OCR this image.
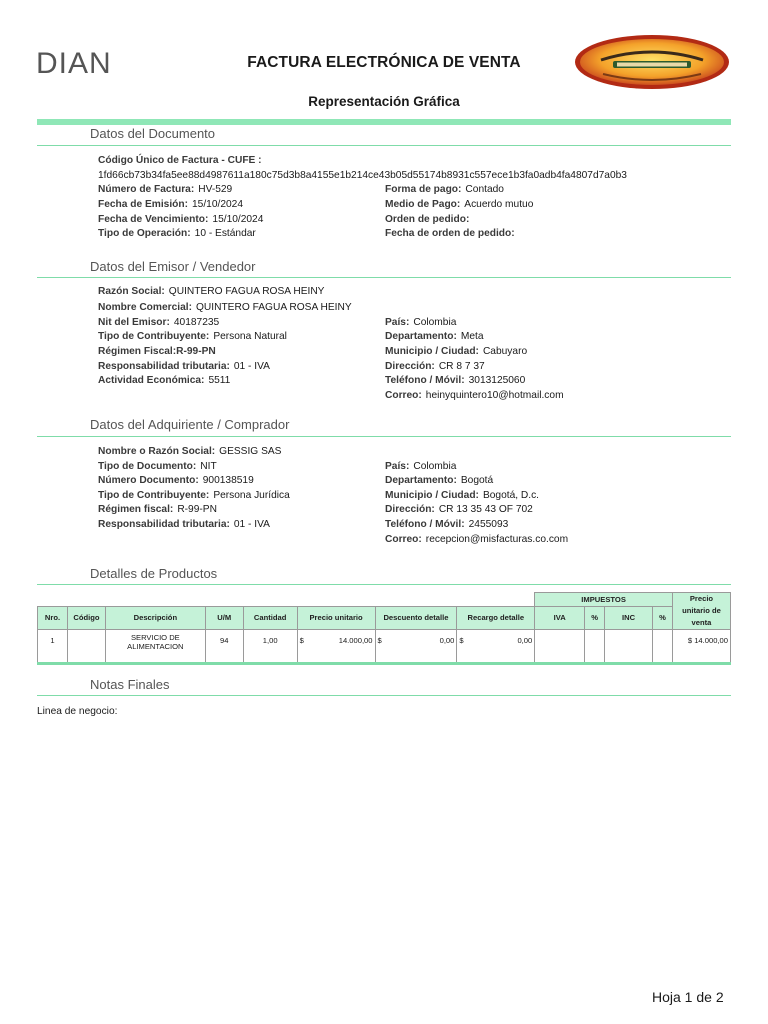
DIAN	FACTURA ELECTRÓNICA DE VENTA
Representación Gráfica
Datos del Documento
Código Único de Factura - CUFE :
1fd66cb73b34fa5ee88d4987611a180c75d3b8a4155e1b214ce43b05d55174b8931c557ece1b3fa0adb4fa4807d7a0b3
Número de Factura: HV-529
Fecha de Emisión: 15/10/2024
Fecha de Vencimiento: 15/10/2024
Tipo de Operación: 10 - Estándar
Forma de pago: Contado
Medio de Pago: Acuerdo mutuo
Orden de pedido:
Fecha de orden de pedido:
Datos del Emisor / Vendedor
Razón Social: QUINTERO FAGUA ROSA HEINY
Nombre Comercial: QUINTERO FAGUA ROSA HEINY
Nit del Emisor: 40187235
Tipo de Contribuyente: Persona Natural
Régimen Fiscal:R-99-PN
Responsabilidad tributaria: 01 - IVA
Actividad Económica: 5511
País: Colombia
Departamento: Meta
Municipio / Ciudad: Cabuyaro
Dirección: CR 8 7 37
Teléfono / Móvil: 3013125060
Correo: heinyquintero10@hotmail.com
Datos del Adquiriente / Comprador
Nombre o Razón Social: GESSIG SAS
Tipo de Documento: NIT
Número Documento: 900138519
Tipo de Contribuyente: Persona Jurídica
Régimen fiscal: R-99-PN
Responsabilidad tributaria: 01 - IVA
País: Colombia
Departamento: Bogotá
Municipio / Ciudad: Bogotá, D.c.
Dirección: CR 13 35 43 OF 702
Teléfono / Móvil: 2455093
Correo: recepcion@misfacturas.co.com
Detalles de Productos
								IMPUESTOS				Precio unitario de venta
Nro.	Código	Descripción	U/M	Cantidad	Precio unitario	Descuento detalle	Recargo detalle	IVA	%	INC	%	
1		SERVICIO DE ALIMENTACION	94	1,00	$ 14.000,00	$ 0,00	$ 0,00					$ 14.000,00
Notas Finales
Linea de negocio:
Hoja 1 de 2
